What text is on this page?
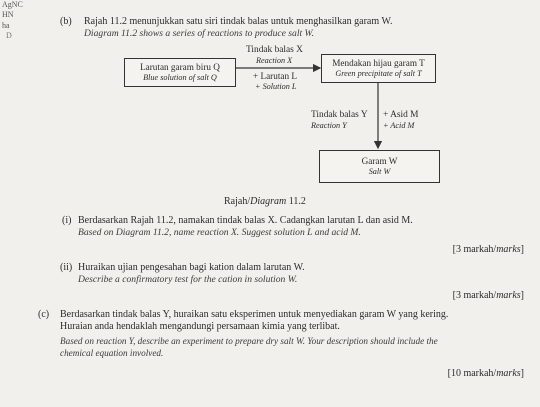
AgNC
HN
ha
D
(b) Rajah 11.2 menunjukkan satu siri tindak balas untuk menghasilkan garam W.
Diagram 11.2 shows a series of reactions to produce salt W.
Larutan garam biru Q
Blue solution of salt Q
Tindak balas X
Reaction X
+ Larutan L
+ Solution L
Mendakan hijau garam T
Green precipitate of salt T
Tindak balas Y
Reaction Y
+ Asid M
+ Acid M
Garam W
Salt W
Rajah/Diagram 11.2
(i) Berdasarkan Rajah 11.2, namakan tindak balas X. Cadangkan larutan L dan asid M.
Based on Diagram 11.2, name reaction X. Suggest solution L and acid M.
[3 markah/marks]
(ii) Huraikan ujian pengesahan bagi kation dalam larutan W.
Describe a confirmatory test for the cation in solution W.
[3 markah/marks]
(c) Berdasarkan tindak balas Y, huraikan satu eksperimen untuk menyediakan garam W yang kering.
Huraian anda hendaklah mengandungi persamaan kimia yang terlibat.
Based on reaction Y, describe an experiment to prepare dry salt W. Your description should include the
chemical equation involved.
[10 markah/marks]
